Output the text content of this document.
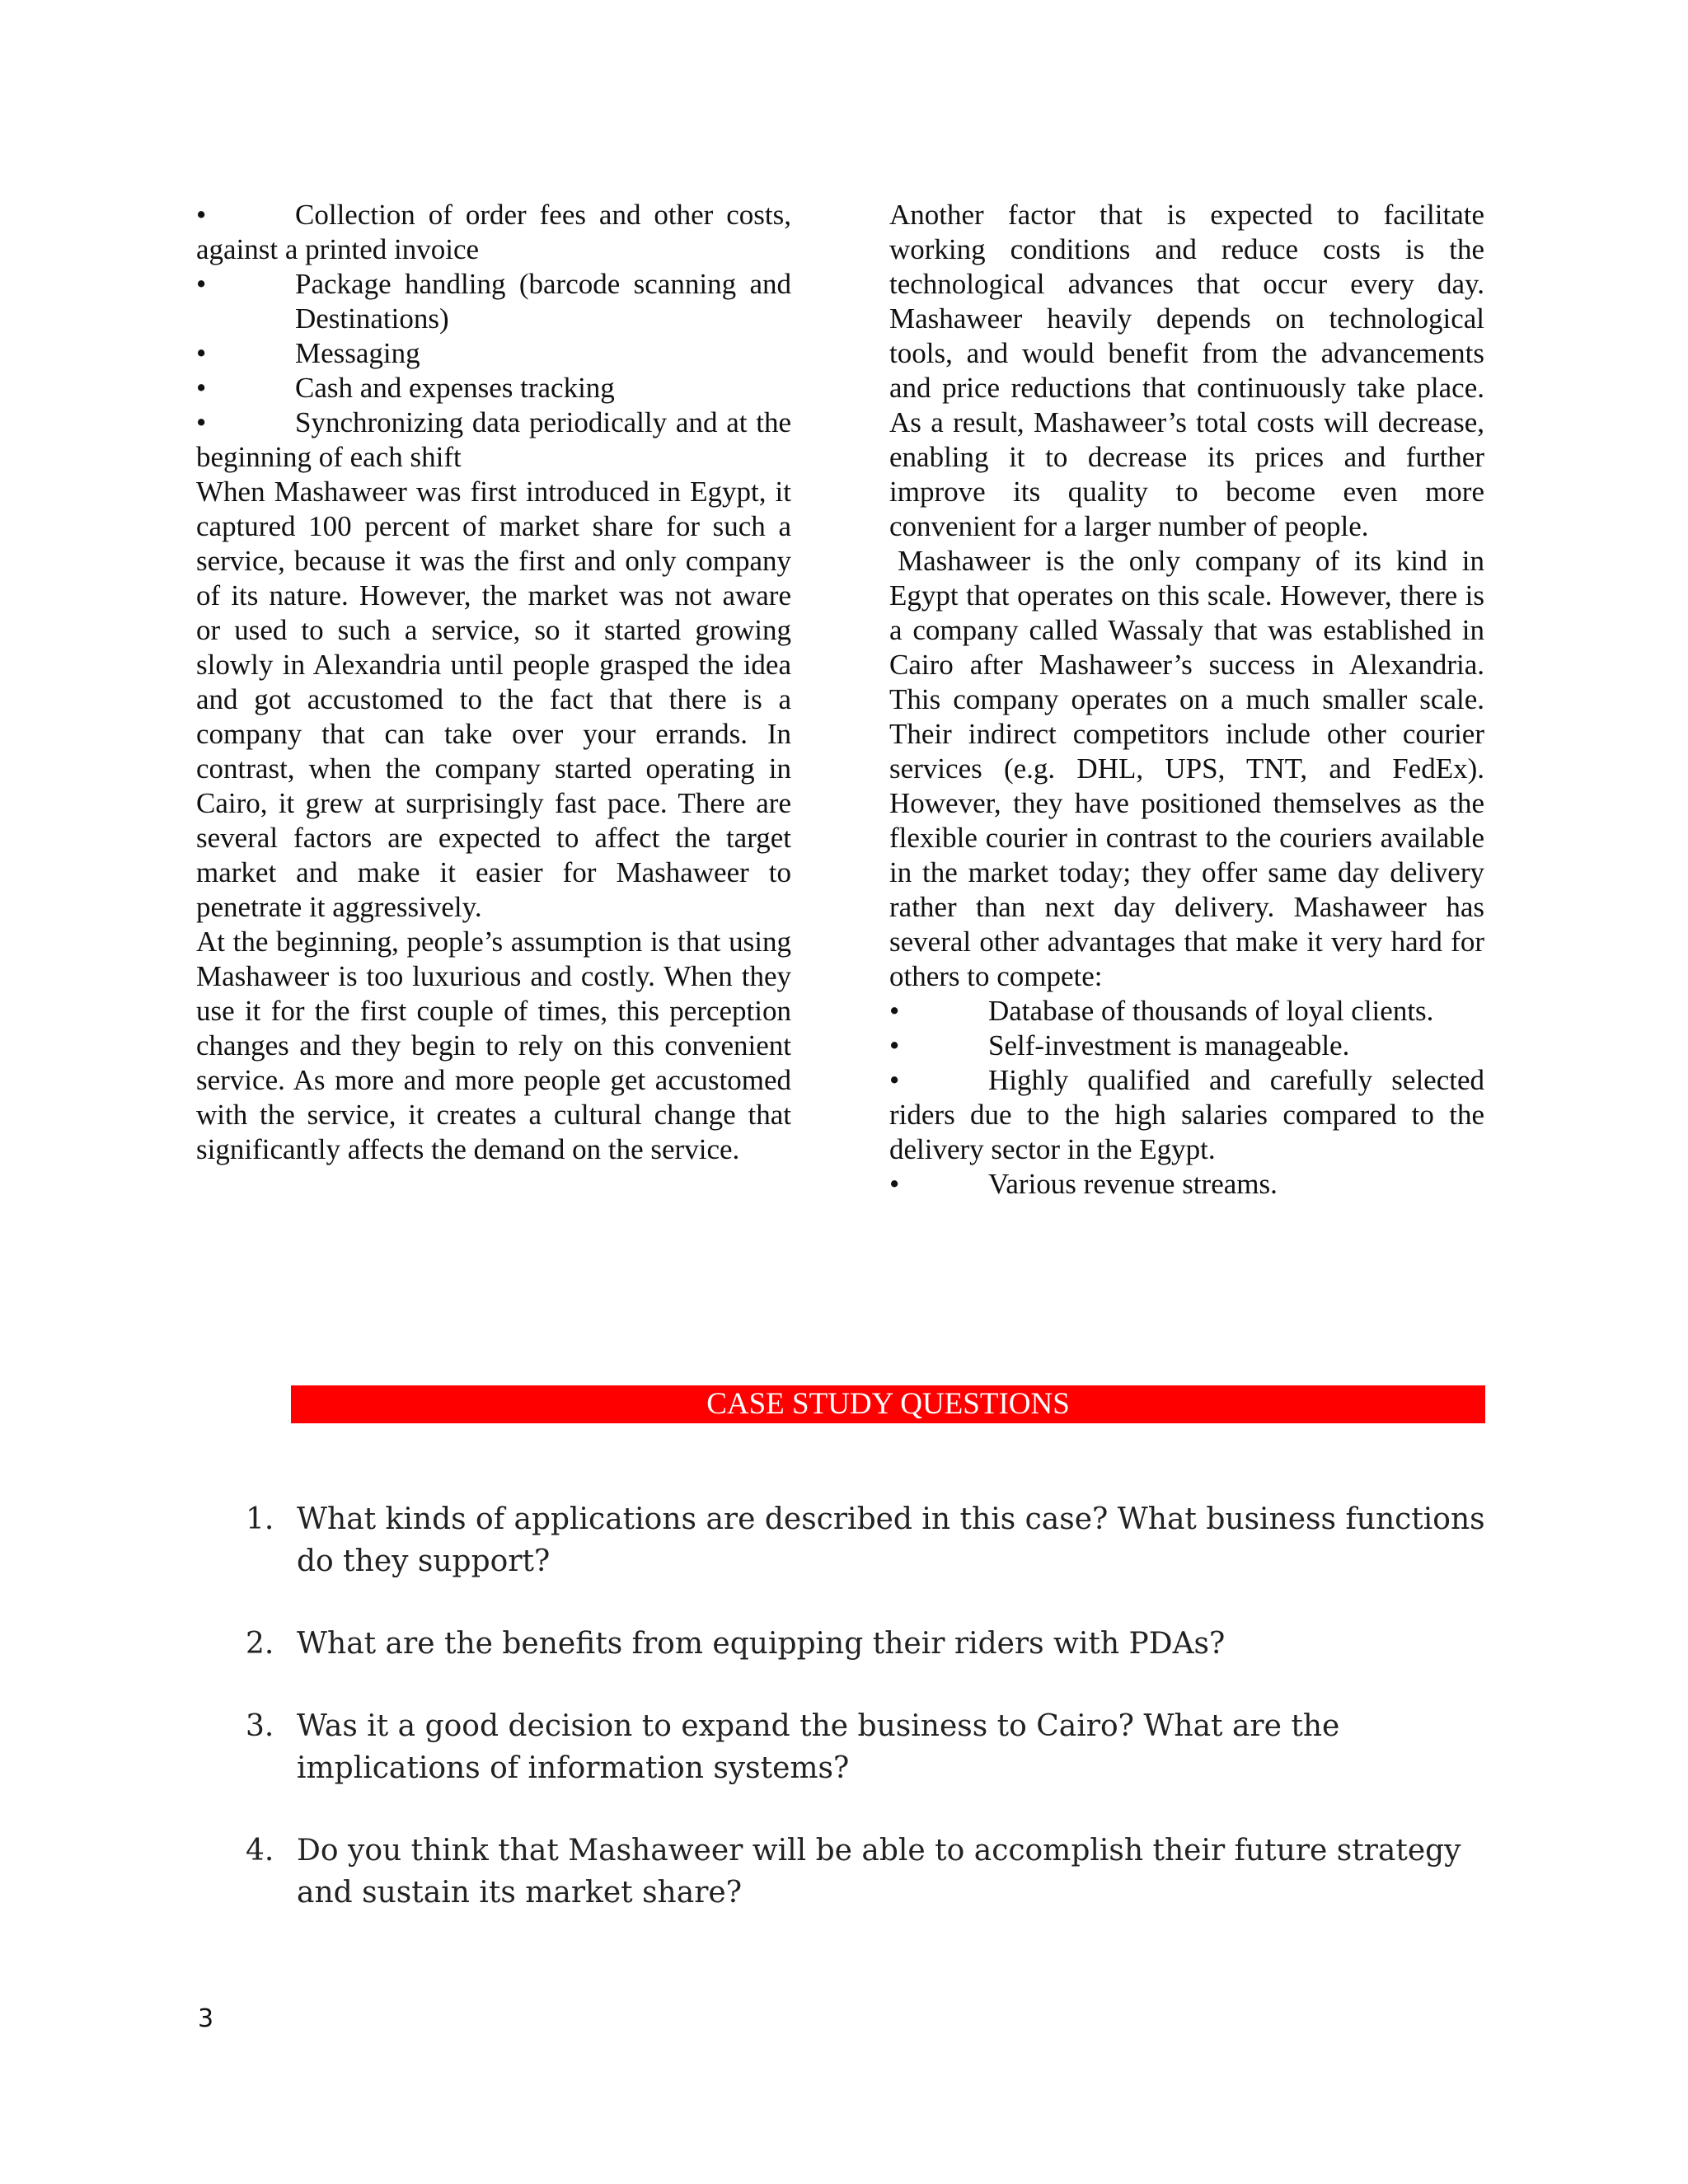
•	Collection of order fees and other costs, against a printed invoice
•	Package handling (barcode scanning and Destinations)
•	Messaging
•	Cash and expenses tracking
•	Synchronizing data periodically and at the beginning of each shift

When Mashaweer was first introduced in Egypt, it captured 100 percent of market share for such a service, because it was the first and only company of its nature. However, the market was not aware or used to such a service, so it started growing slowly in Alexandria until people grasped the idea and got accustomed to the fact that there is a company that can take over your errands. In contrast, when the company started operating in Cairo, it grew at surprisingly fast pace. There are several factors are expected to affect the target market and make it easier for Mashaweer to penetrate it aggressively.

At the beginning, people’s assumption is that using Mashaweer is too luxurious and costly. When they use it for the first couple of times, this perception changes and they begin to rely on this convenient service. As more and more people get accustomed with the service, it creates a cultural change that significantly affects the demand on the service.

Another factor that is expected to facilitate working conditions and reduce costs is the technological advances that occur every day. Mashaweer heavily depends on technological tools, and would benefit from the advancements and price reductions that continuously take place. As a result, Mashaweer’s total costs will decrease, enabling it to decrease its prices and further improve its quality to become even more convenient for a larger number of people.

Mashaweer is the only company of its kind in Egypt that operates on this scale. However, there is a company called Wassaly that was established in Cairo after Mashaweer’s success in Alexandria. This company operates on a much smaller scale. Their indirect competitors include other courier services (e.g. DHL, UPS, TNT, and FedEx). However, they have positioned themselves as the flexible courier in contrast to the couriers available in the market today; they offer same day delivery rather than next day delivery. Mashaweer has several other advantages that make it very hard for others to compete:

•	Database of thousands of loyal clients.
•	Self-investment is manageable.
•	Highly qualified and carefully selected riders due to the high salaries compared to the delivery sector in the Egypt.
•	Various revenue streams.
CASE STUDY QUESTIONS
1. What kinds of applications are described in this case? What business functions do they support?
2. What are the benefits from equipping their riders with PDAs?
3. Was it a good decision to expand the business to Cairo? What are the implications of information systems?
4. Do you think that Mashaweer will be able to accomplish their future strategy and sustain its market share?
3
